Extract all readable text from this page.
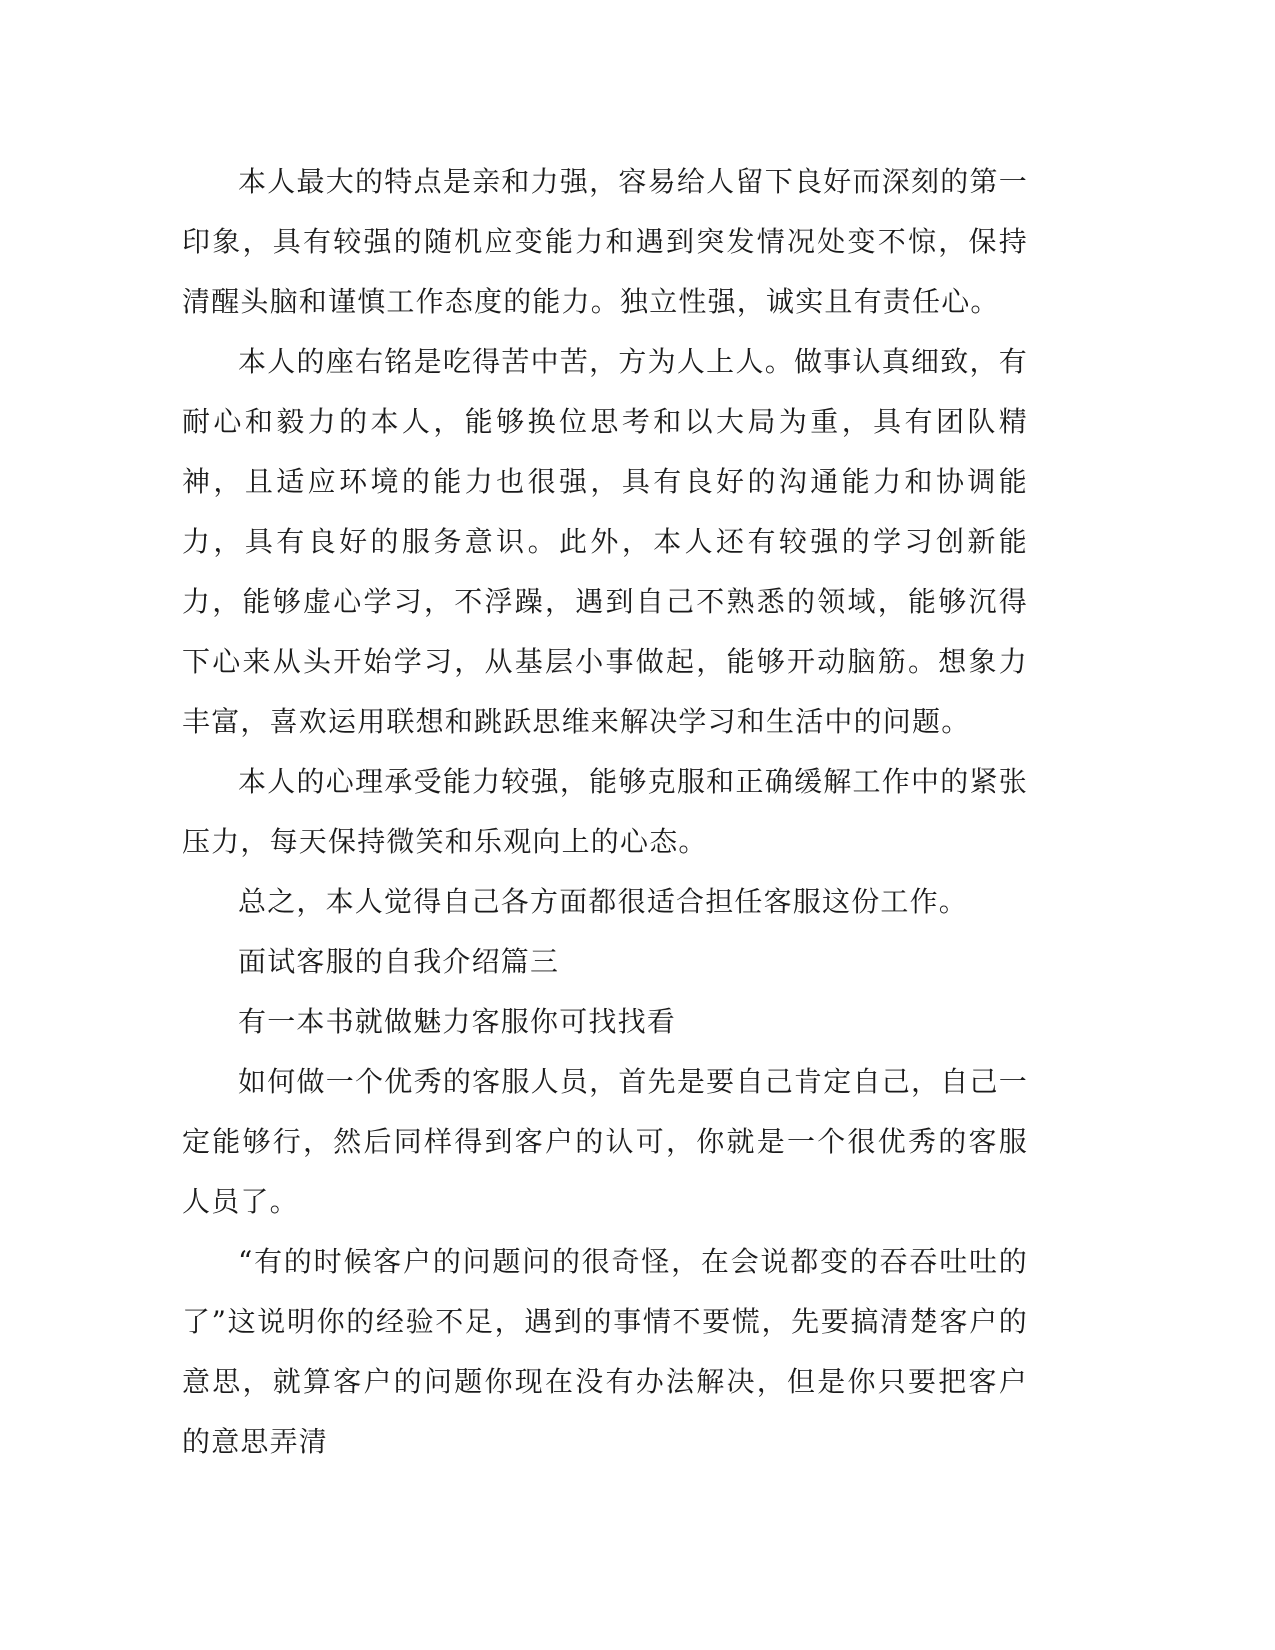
本人最大的特点是亲和力强，容易给人留下良好而深刻的第一印象，具有较强的随机应变能力和遇到突发情况处变不惊，保持清醒头脑和谨慎工作态度的能力。独立性强，诚实且有责任心。

本人的座右铭是吃得苦中苦，方为人上人。做事认真细致，有耐心和毅力的本人，能够换位思考和以大局为重，具有团队精神，且适应环境的能力也很强，具有良好的沟通能力和协调能力，具有良好的服务意识。此外，本人还有较强的学习创新能力，能够虚心学习，不浮躁，遇到自己不熟悉的领域，能够沉得下心来从头开始学习，从基层小事做起，能够开动脑筋。想象力丰富，喜欢运用联想和跳跃思维来解决学习和生活中的问题。

本人的心理承受能力较强，能够克服和正确缓解工作中的紧张压力，每天保持微笑和乐观向上的心态。

总之，本人觉得自己各方面都很适合担任客服这份工作。

面试客服的自我介绍篇三

有一本书就做魅力客服你可找找看

如何做一个优秀的客服人员，首先是要自己肯定自己，自己一定能够行，然后同样得到客户的认可，你就是一个很优秀的客服人员了。

“有的时候客户的问题问的很奇怪，在会说都变的吞吞吐吐的了”这说明你的经验不足，遇到的事情不要慌，先要搞清楚客户的意思，就算客户的问题你现在没有办法解决，但是你只要把客户的意思弄清
